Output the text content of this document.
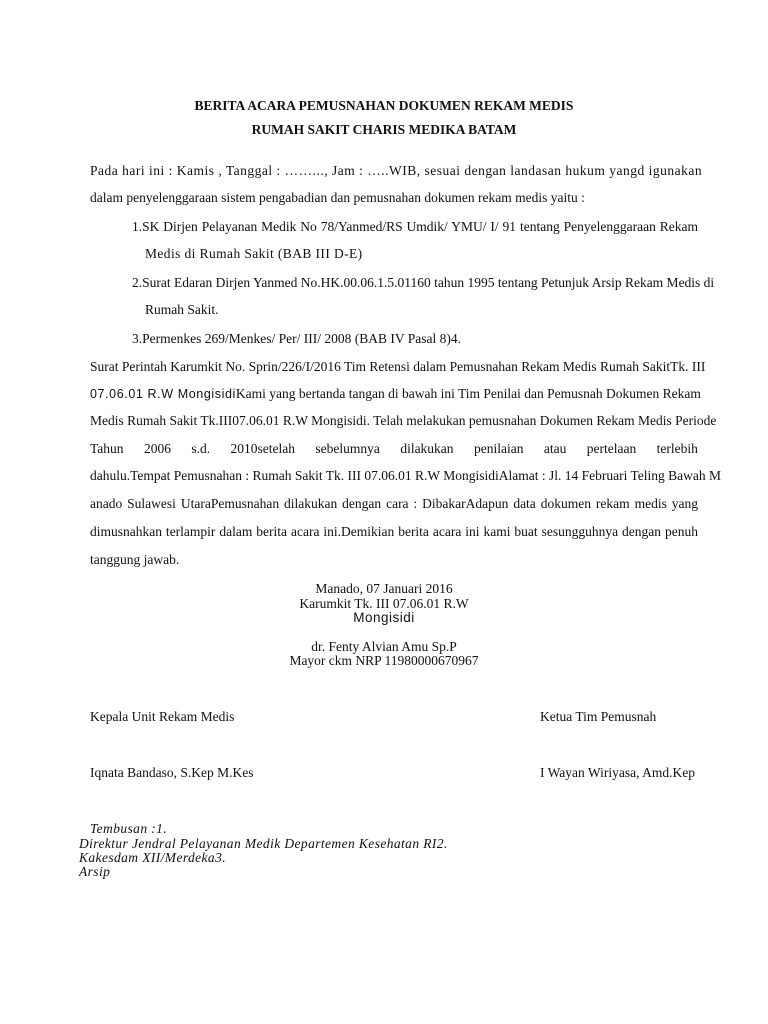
BERITA ACARA PEMUSNAHAN DOKUMEN REKAM MEDIS
RUMAH SAKIT CHARIS MEDIKA BATAM
Pada hari ini : Kamis , Tanggal : ……..., Jam : …..WIB, sesuai dengan landasan hukum yangd igunakan
dalam penyelenggaraan sistem pengabadian dan pemusnahan dokumen rekam medis yaitu :
1.SK Dirjen Pelayanan Medik No 78/Yanmed/RS Umdik/ YMU/ I/ 91 tentang Penyelenggaraan Rekam
Medis di Rumah Sakit (BAB III D-E)
2.Surat Edaran Dirjen Yanmed No.HK.00.06.1.5.01160 tahun 1995 tentang Petunjuk Arsip Rekam Medis di
Rumah Sakit.
3.Permenkes 269/Menkes/ Per/ III/ 2008 (BAB IV Pasal 8)4.
Surat Perintah Karumkit No. Sprin/226/I/2016 Tim Retensi dalam Pemusnahan Rekam Medis Rumah SakitTk. III
07.06.01 R.W MongisidiKami yang bertanda tangan di bawah ini Tim Penilai dan Pemusnah Dokumen Rekam
Medis Rumah Sakit Tk.III07.06.01 R.W Mongisidi. Telah melakukan pemusnahan Dokumen Rekam Medis Periode
Tahun 2006 s.d. 2010setelah sebelumnya dilakukan penilaian atau pertelaan terlebih
dahulu.Tempat Pemusnahan : Rumah Sakit Tk. III 07.06.01 R.W MongisidiAlamat : Jl. 14 Februari Teling Bawah M
anado Sulawesi UtaraPemusnahan dilakukan dengan cara : DibakarAdapun data dokumen rekam medis yang
dimusnahkan terlampir dalam berita acara ini.Demikian berita acara ini kami buat sesungguhnya dengan penuh
tanggung jawab.
Manado, 07 Januari 2016
Karumkit Tk. III 07.06.01 R.W
Mongisidi
dr. Fenty Alvian Amu Sp.P
Mayor ckm NRP 11980000670967
Kepala Unit Rekam Medis	Ketua Tim Pemusnah
Iqnata Bandaso, S.Kep M.Kes	I Wayan Wiriyasa, Amd.Kep
Tembusan :1.
Direktur Jendral Pelayanan Medik Departemen Kesehatan RI2.
Kakesdam XII/Merdeka3.
Arsip
